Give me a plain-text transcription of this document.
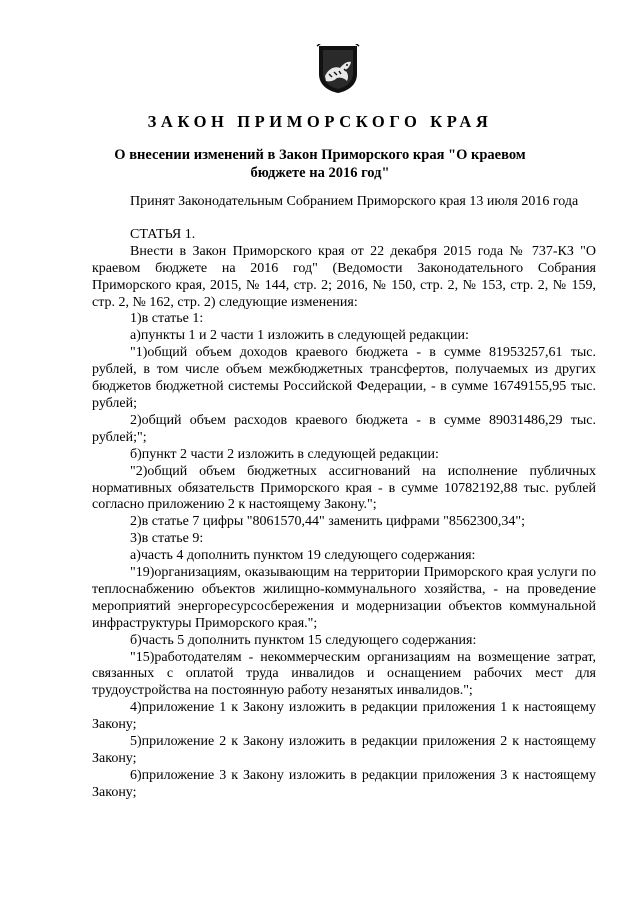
ЗАКОН ПРИМОРСКОГО КРАЯ
О внесении изменений в Закон Приморского края "О краевом бюджете на 2016 год"

Принят Законодательным Собранием Приморского края 13 июля 2016 года

СТАТЬЯ 1.

Внести в Закон Приморского края от 22 декабря 2015 года № 737-КЗ "О краевом бюджете на 2016 год" (Ведомости Законодательного Собрания Приморского края, 2015, № 144, стр. 2; 2016, № 150, стр. 2, № 153, стр. 2, № 159, стр. 2, № 162, стр. 2) следующие изменения:

1)в статье 1:

а)пункты 1 и 2 части 1 изложить в следующей редакции:

"1)общий объем доходов краевого бюджета - в сумме 81953257,61 тыс. рублей, в том числе объем межбюджетных трансфертов, получаемых из других бюджетов бюджетной системы Российской Федерации, - в сумме 16749155,95 тыс. рублей;

2)общий объем расходов краевого бюджета - в сумме 89031486,29 тыс. рублей;";

б)пункт 2 части 2 изложить в следующей редакции:

"2)общий объем бюджетных ассигнований на исполнение публичных нормативных обязательств Приморского края - в сумме 10782192,88 тыс. рублей согласно приложению 2 к настоящему Закону.";

2)в статье 7 цифры "8061570,44" заменить цифрами "8562300,34";

3)в статье 9:

а)часть 4 дополнить пунктом 19 следующего содержания:

"19)организациям, оказывающим на территории Приморского края услуги по теплоснабжению объектов жилищно-коммунального хозяйства, - на проведение мероприятий энергоресурсосбережения и модернизации объектов коммунальной инфраструктуры Приморского края.";

б)часть 5 дополнить пунктом 15 следующего содержания:

"15)работодателям - некоммерческим организациям на возмещение затрат, связанных с оплатой труда инвалидов и оснащением рабочих мест для трудоустройства на постоянную работу незанятых инвалидов.";

4)приложение 1 к Закону изложить в редакции приложения 1 к настоящему Закону;

5)приложение 2 к Закону изложить в редакции приложения 2 к настоящему Закону;

6)приложение 3 к Закону изложить в редакции приложения 3 к настоящему Закону;
